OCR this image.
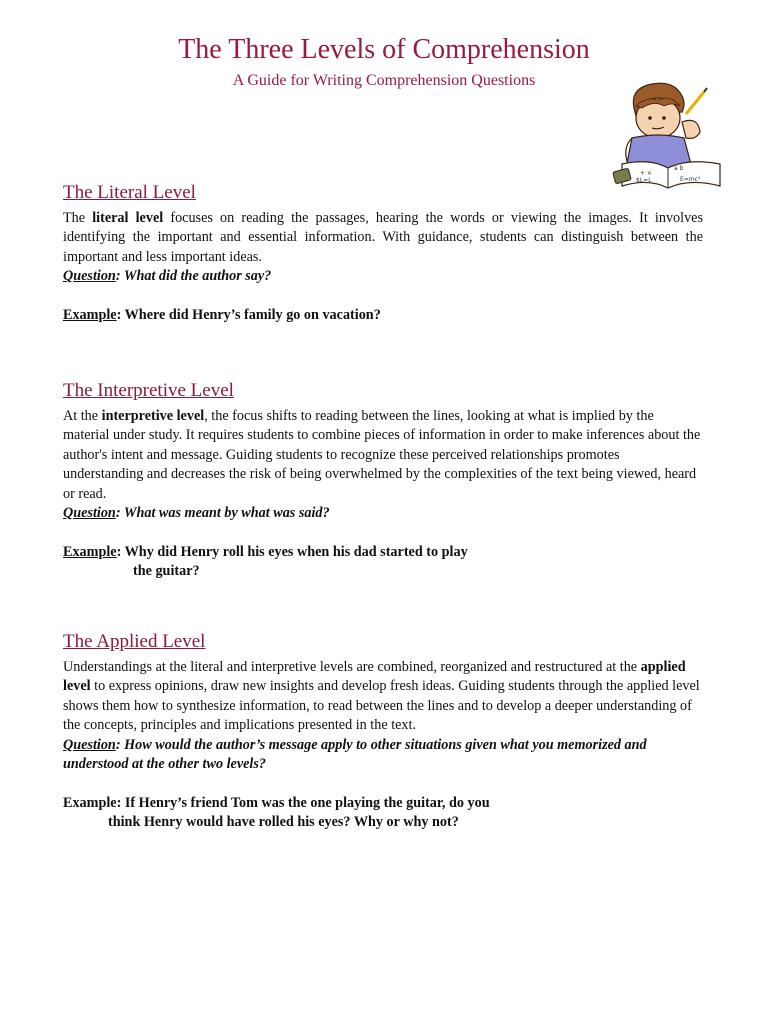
The Three Levels of Comprehension
A Guide for Writing Comprehension Questions
a b
+ ×
$L=L	E=mc²
The Literal Level

The literal level focuses on reading the passages, hearing the words or viewing the images. It involves identifying the important and essential information. With guidance, students can distinguish between the important and less important ideas.

Question: What did the author say?

Example: Where did Henry’s family go on vacation?

The Interpretive Level

At the interpretive level, the focus shifts to reading between the lines, looking at what is implied by the material under study. It requires students to combine pieces of information in order to make inferences about the author's intent and message. Guiding students to recognize these perceived relationships promotes understanding and decreases the risk of being overwhelmed by the complexities of the text being viewed, heard or read.

Question: What was meant by what was said?

Example: Why did Henry roll his eyes when his dad started to play

the guitar?

The Applied Level

Understandings at the literal and interpretive levels are combined, reorganized and restructured at the applied level to express opinions, draw new insights and develop fresh ideas. Guiding students through the applied level shows them how to synthesize information, to read between the lines and to develop a deeper understanding of the concepts, principles and implications presented in the text.

Question: How would the author’s message apply to other situations given what you memorized and understood at the other two levels?

Example: If Henry’s friend Tom was the one playing the guitar, do you

think Henry would have rolled his eyes? Why or why not?
